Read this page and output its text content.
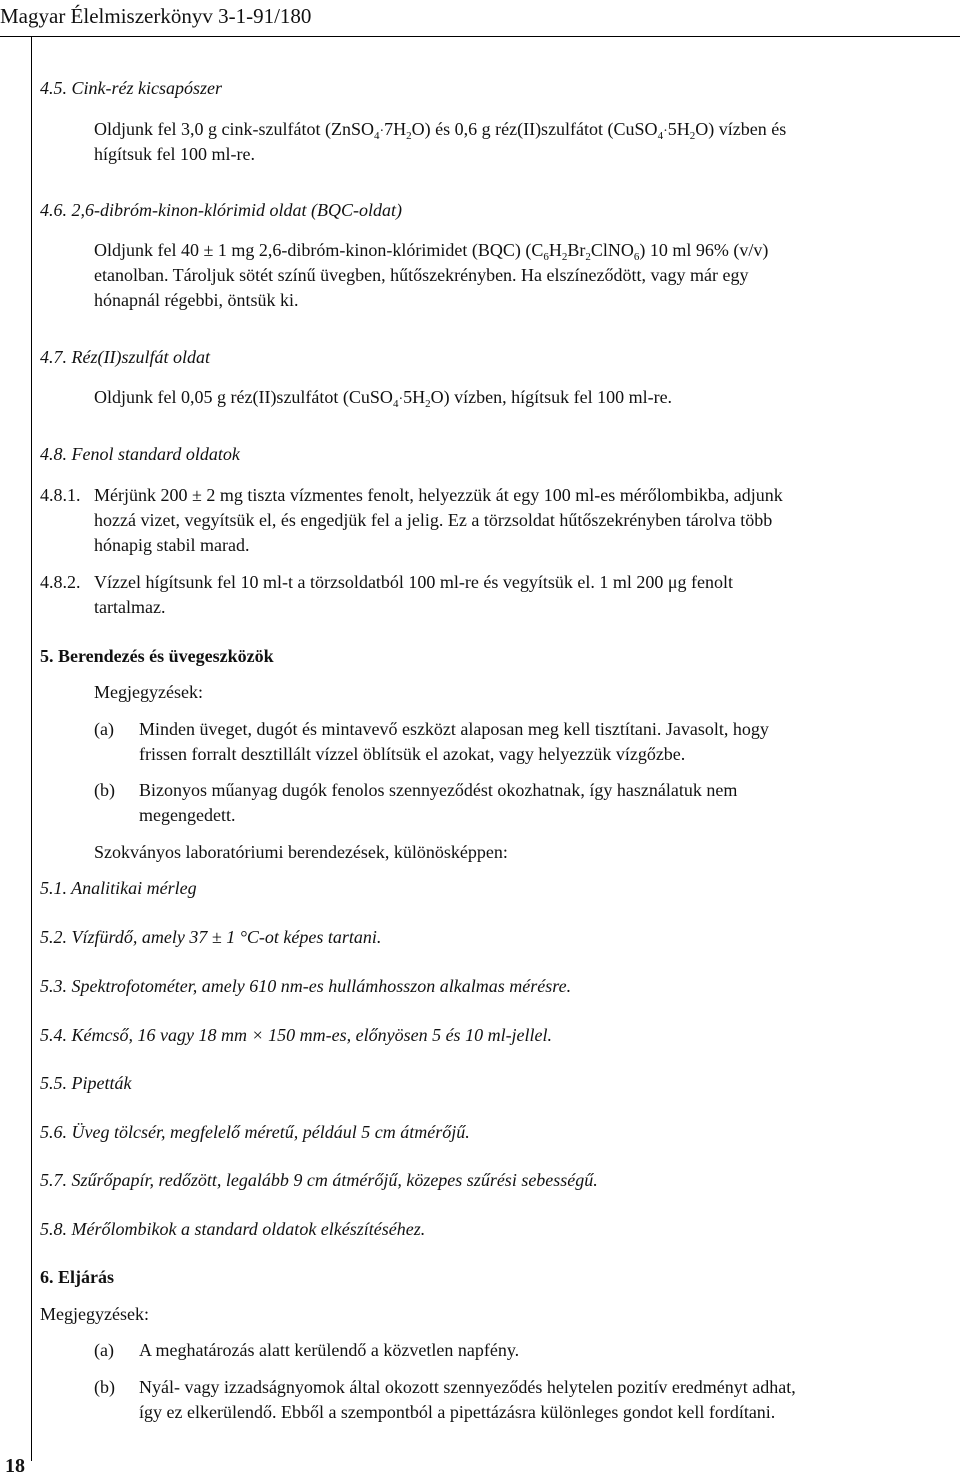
Magyar Élelmiszerkönyv 3-1-91/180
18
4.5. Cink-réz kicsapószer
Oldjunk fel 3,0 g cink-szulfátot $(ZnSO_4\cdot 7H_2O)$ és 0,6 g réz(II)szulfátot $(CuSO_4\cdot 5H_2O)$ vízben és
hígítsuk fel 100 ml-re.
4.6. 2,6-dibróm-kinon-klórimid oldat (BQC-oldat)
Oldjunk fel 40 ± 1 mg 2,6-dibróm-kinon-klórimidet (BQC) $(C_6H_2Br_2ClNO_6)$ 10 ml 96% (v/v)
etanolban. Tároljuk sötét színű üvegben, hűtőszekrényben. Ha elszíneződött, vagy már egy
hónapnál régebbi, öntsük ki.
4.7. Réz(II)szulfát oldat
Oldjunk fel 0,05 g réz(II)szulfátot $(CuSO_4\cdot 5H_2O)$ vízben, hígítsuk fel 100 ml-re.
4.8. Fenol standard oldatok
4.8.1. Mérjünk 200 ± 2 mg tiszta vízmentes fenolt, helyezzük át egy 100 ml-es mérőlombikba, adjunk
hozzá vizet, vegyítsük el, és engedjük fel a jelig. Ez a törzsoldat hűtőszekrényben tárolva több
hónapig stabil marad.
4.8.2. Vízzel hígítsunk fel 10 ml-t a törzsoldatból 100 ml-re és vegyítsük el. 1 ml 200 μg fenolt
tartalmaz.
5. Berendezés és üvegeszközök
Megjegyzések:
(a) Minden üveget, dugót és mintavevő eszközt alaposan meg kell tisztítani. Javasolt, hogy
frissen forralt desztillált vízzel öblítsük el azokat, vagy helyezzük vízgőzbe.
(b) Bizonyos műanyag dugók fenolos szennyeződést okozhatnak, így használatuk nem
megengedett.
Szokványos laboratóriumi berendezések, különösképpen:
5.1. Analitikai mérleg
5.2. Vízfürdő, amely 37 ± 1 °C-ot képes tartani.
5.3. Spektrofotométer, amely 610 nm-es hullámhosszon alkalmas mérésre.
5.4. Kémcső, 16 vagy 18 mm × 150 mm-es, előnyösen 5 és 10 ml-jellel.
5.5. Pipetták
5.6. Üveg tölcsér, megfelelő méretű, például 5 cm átmérőjű.
5.7. Szűrőpapír, redőzött, legalább 9 cm átmérőjű, közepes szűrési sebességű.
5.8. Mérőlombikok a standard oldatok elkészítéséhez.
6. Eljárás
Megjegyzések:
(a) A meghatározás alatt kerülendő a közvetlen napfény.
(b) Nyál- vagy izzadságnyomok által okozott szennyeződés helytelen pozitív eredményt adhat,
így ez elkerülendő. Ebből a szempontból a pipettázásra különleges gondot kell fordítani.
